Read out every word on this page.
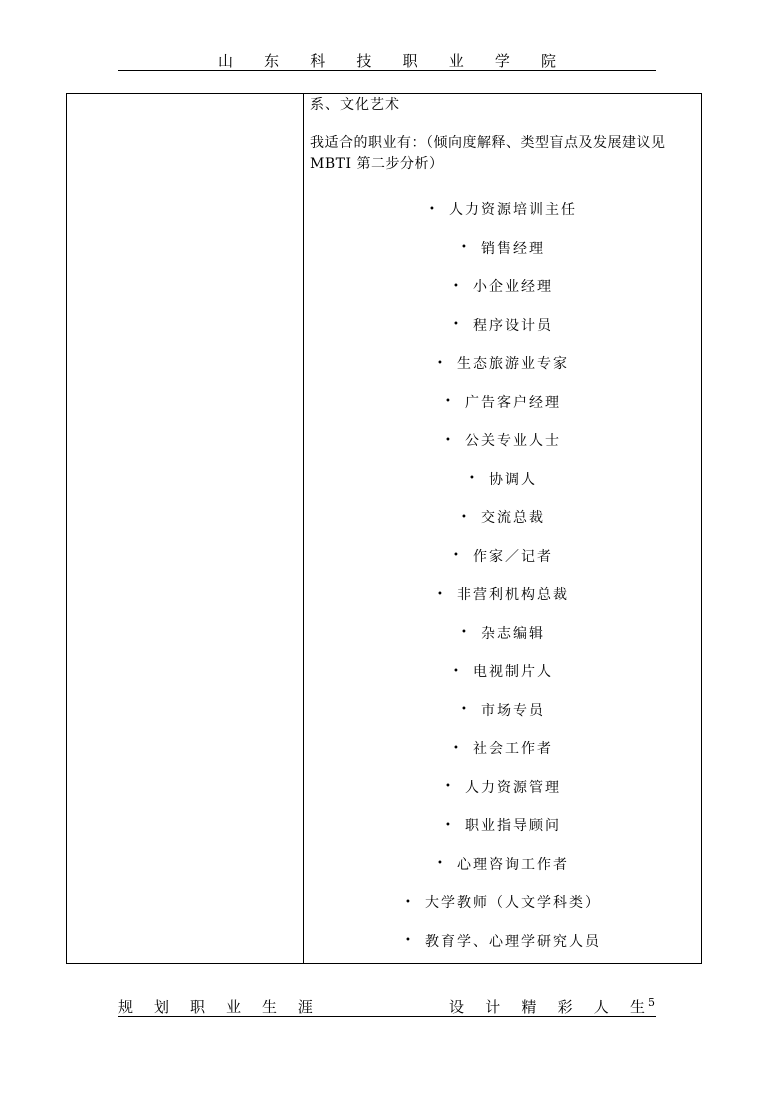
山 东 科 技 职 业 学 院
系、文化艺术
我适合的职业有：（倾向度解释、类型盲点及发展建议见 MBTI 第二步分析）
• 人力资源培训主任
• 销售经理
• 小企业经理
• 程序设计员
• 生态旅游业专家
• 广告客户经理
• 公关专业人士
• 协调人
• 交流总裁
• 作家／记者
• 非营利机构总裁
• 杂志编辑
• 电视制片人
• 市场专员
• 社会工作者
• 人力资源管理
• 职业指导顾问
• 心理咨询工作者
• 大学教师（人文学科类）
• 教育学、心理学研究人员
规 划 职 业 生 涯	设 计 精 彩 人 生 5
